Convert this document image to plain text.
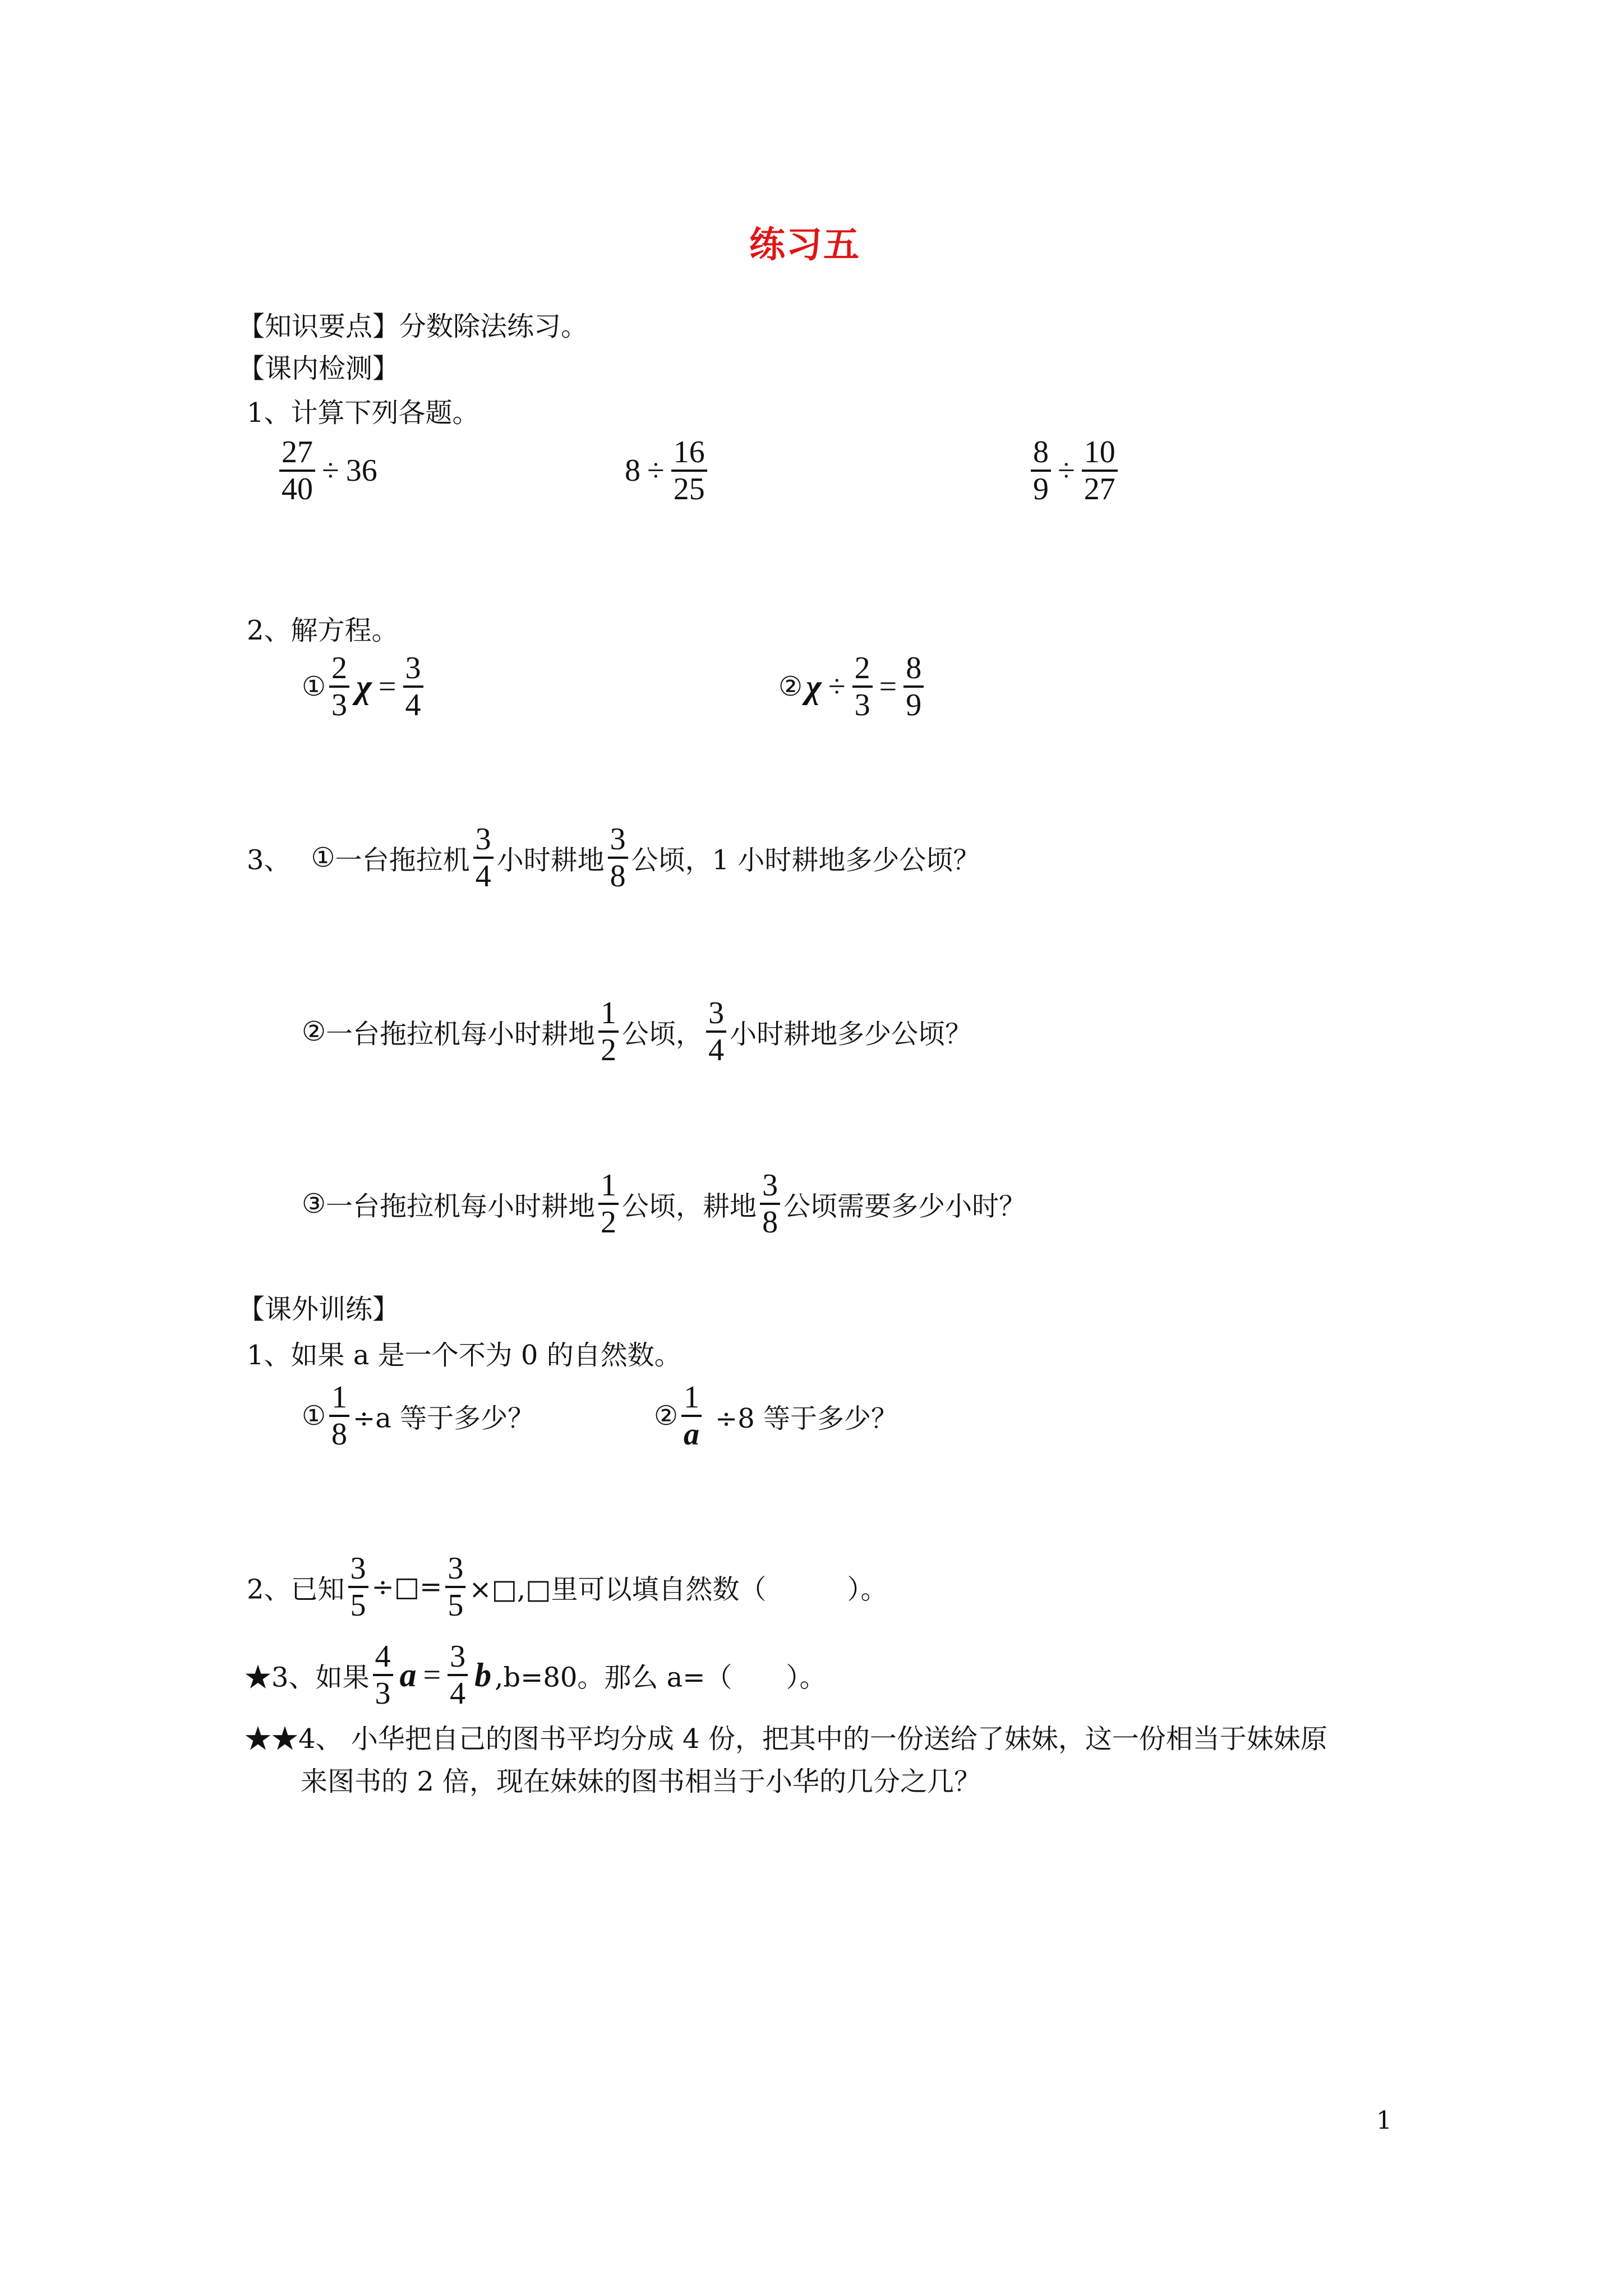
练习五
【知识要点】分数除法练习。
【课内检测】
1、计算下列各题。
$\frac{27}{40} \div 36$	$8 \div \frac{16}{25}$	$\frac{8}{9} \div \frac{10}{27}$
2、解方程。
① $\frac{2}{3}$ $\chi = \frac{3}{4}$	② $\chi \div \frac{2}{3} = \frac{8}{9}$
3、 ①一台拖拉机 $\frac{3}{4}$ 小时耕地 $\frac{3}{8}$ 公顷，1 小时耕地多少公顷？
②一台拖拉机每小时耕地 $\frac{1}{2}$ 公顷， $\frac{3}{4}$ 小时耕地多少公顷？
③一台拖拉机每小时耕地 $\frac{1}{2}$ 公顷，耕地 $\frac{3}{8}$ 公顷需要多少小时？
【课外训练】
1、如果 a 是一个不为 0 的自然数。
① $\frac{1}{8} \div a$ 等于多少？	② $\frac{1}{a} \div 8$ 等于多少？
2、已知 $\frac{3}{5}$ ÷□= $\frac{3}{5}$ ×□,□里可以填自然数（　　　）。
★3、如果 $\frac{4}{3}$ $a = \frac{3}{4}$ b ,b=80。那么 a=（　　）。
★★4、 小华把自己的图书平均分成 4 份，把其中的一份送给了妹妹，这一份相当于妹妹原
来图书的 2 倍，现在妹妹的图书相当于小华的几分之几？
1
